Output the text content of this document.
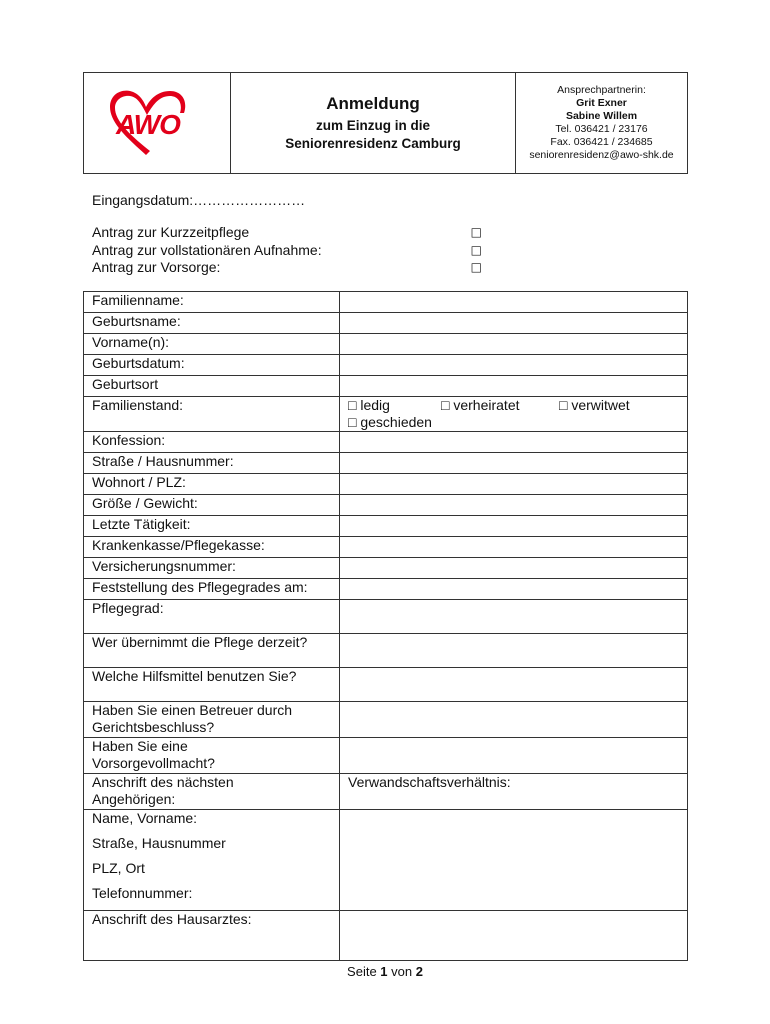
AWO
Anmeldung
zum Einzug in die
Seniorenresidenz Camburg
Ansprechpartnerin:
Grit Exner
Sabine Willem
Tel. 036421 / 23176
Fax. 036421 / 234685
seniorenresidenz@awo-shk.de
Eingangsdatum:……………………
Antrag zur Kurzzeitpflege	□
Antrag zur vollstationären Aufnahme:	□
Antrag zur Vorsorge:	□
Familienname:	
Geburtsname:	
Vorname(n):	
Geburtsdatum:	
Geburtsort	
Familienstand:	□ ledig □ verheiratet □ verwitwet
□ geschieden

Konfession:	
Straße / Hausnummer:	
Wohnort / PLZ:	
Größe / Gewicht:	
Letzte Tätigkeit:	
Krankenkasse/Pflegekasse:	
Versicherungsnummer:	
Feststellung des Pflegegrades am:	
Pflegegrad:	
Wer übernimmt die Pflege derzeit?	
Welche Hilfsmittel benutzen Sie?	

Haben Sie einen Betreuer durch
Gerichtsbeschluss?	

Haben Sie eine
Vorsorgevollmacht?	

Anschrift des nächsten
Angehörigen:	Verwandschaftsverhältnis:

Name, Vorname:
Straße, Hausnummer
PLZ, Ort
Telefonnummer:	

Anschrift des Hausarztes:	
Seite 1 von 2
